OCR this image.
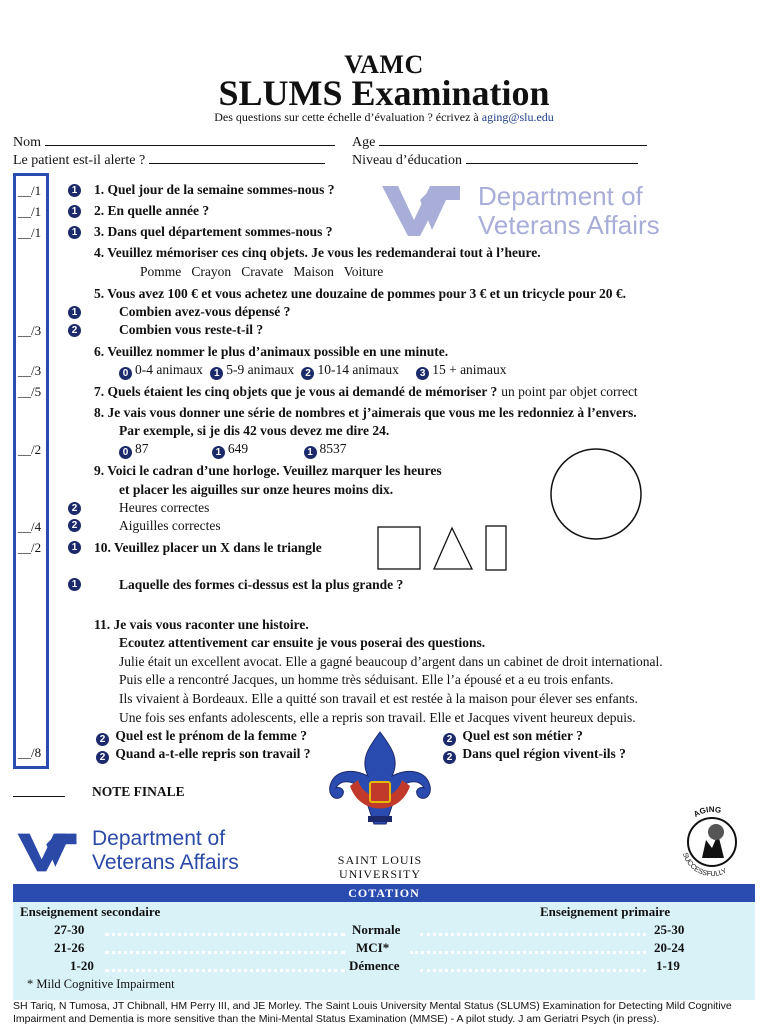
VAMC
SLUMS Examination
Des questions sur cette échelle d’évaluation ? écrivez à aging@slu.edu
Nom	Age
Le patient est-il alerte ?	Niveau d’éducation
__/1
__/1
__/1
__/3
__/3
__/5
__/2
__/4
__/2
__/8
Department of
Veterans Affairs
1 1. Quel jour de la semaine sommes-nous ?
1 2. En quelle année ?
1 3. Dans quel département sommes-nous ?
4. Veuillez mémoriser ces cinq objets. Je vous les redemanderai tout à l’heure.
Pomme   Crayon   Cravate   Maison   Voiture
5. Vous avez 100 € et vous achetez une douzaine de pommes pour 3 € et un tricycle pour 20 €.
1	Combien avez-vous dépensé ?
2	Combien vous reste-t-il ?
6. Veuillez nommer le plus d’animaux possible en une minute.
0 0-4 animaux 1 5-9 animaux 2 10-14 animaux 3 15 + animaux
7. Quels étaient les cinq objets que je vous ai demandé de mémoriser ? un point par objet correct
8. Je vais vous donner une série de nombres et j’aimerais que vous me les redonniez à l’envers.
Par exemple, si je dis 42 vous devez me dire 24.
0 87	1 649	1 8537
9. Voici le cadran d’une horloge. Veuillez marquer les heures
et placer les aiguilles sur onze heures moins dix.
2	Heures correctes
2	Aiguilles correctes
1 10. Veuillez placer un X dans le triangle
1	Laquelle des formes ci-dessus est la plus grande ?
11. Je vais vous raconter une histoire.
Ecoutez attentivement car ensuite je vous poserai des questions.
Julie était un excellent avocat. Elle a gagné beaucoup d’argent dans un cabinet de droit international.
Puis elle a rencontré Jacques, un homme très séduisant. Elle l’a épousé et a eu trois enfants.
Ils vivaient à Bordeaux. Elle a quitté son travail et est restée à la maison pour élever ses enfants.
Une fois ses enfants adolescents, elle a repris son travail. Elle et Jacques vivent heureux depuis.
2 Quel est le prénom de la femme ?	2 Quel est son métier ?
2 Quand a-t-elle repris son travail ?	2 Dans quel région vivent-ils ?
NOTE FINALE
SAINT LOUIS
UNIVERSITY
Department of
Veterans Affairs
AGING
SUCCESSFULLY
COTATION
Enseignement secondaire	Enseignement primaire
27-30	Normale	25-30
21-26	MCI*	20-24
1-20	Démence	1-19
* Mild Cognitive Impairment
SH Tariq, N Tumosa, JT Chibnall, HM Perry III, and JE Morley. The Saint Louis University Mental Status (SLUMS) Examination for Detecting Mild Cognitive Impairment and Dementia is more sensitive than the Mini-Mental Status Examination (MMSE) - A pilot study. J am Geriatri Psych (in press).
